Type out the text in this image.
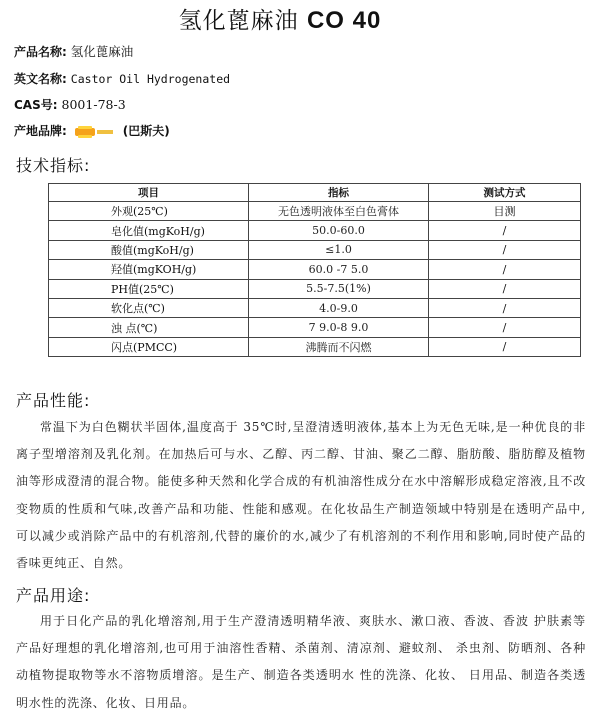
氢化蓖麻油 CO 40
产品名称: 氢化蓖麻油
英文名称: Castor Oil Hydrogenated
CAS号: 8001-78-3
产地品牌:	(巴斯夫)
技术指标:
项目	指标	测试方式
外观(25℃)	无色透明液体至白色膏体	目测
皂化值(mgKoH/g)	50.0-60.0	/
酸值(mgKoH/g)	≤1.0	/
羟值(mgKOH/g)	60.0 -7 5.0	/
PH值(25℃)	5.5-7.5(1%)	/
软化点(℃)	4.0-9.0	/
浊 点(℃)	7 9.0-8 9.0	/
闪点(PMCC)	沸腾而不闪燃	/
产品性能:
常温下为白色糊状半固体,温度高于 35℃时,呈澄清透明液体,基本上为无色无味,是一种优良的非离子型增溶剂及乳化剂。在加热后可与水、乙醇、丙二醇、甘油、聚乙二醇、脂肪酸、脂肪醇及植物油等形成澄清的混合物。能使多种天然和化学合成的有机油溶性成分在水中溶解形成稳定溶液,且不改变物质的性质和气味,改善产品和功能、性能和感观。在化妆品生产制造领域中特别是在透明产品中,可以减少或消除产品中的有机溶剂,代替的廉价的水,减少了有机溶剂的不利作用和影响,同时使产品的香味更纯正、自然。
产品用途:
用于日化产品的乳化增溶剂,用于生产澄清透明精华液、爽肤水、漱口液、香波、香波 护肤素等产品好理想的乳化增溶剂,也可用于油溶性香精、杀菌剂、清凉剂、避蚊剂、 杀虫剂、防晒剂、各种动植物提取物等水不溶物质增溶。是生产、制造各类透明水 性的洗涤、化妆、 日用品、制造各类透明水性的洗涤、化妆、日用品。
